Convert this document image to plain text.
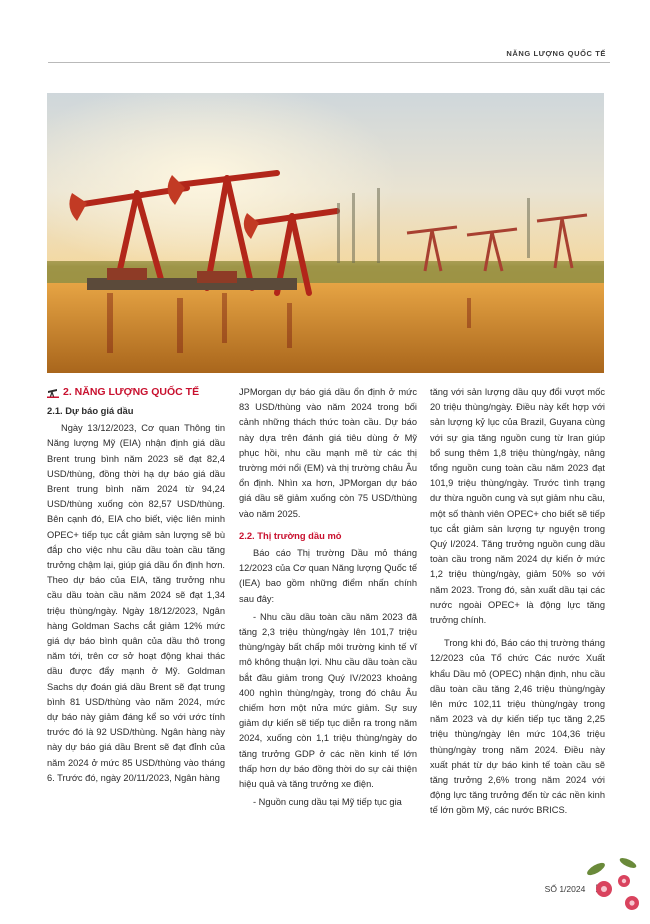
NĂNG LƯỢNG QUỐC TẾ
2. NĂNG LƯỢNG QUỐC TẾ
2.1. Dự báo giá dầu

Ngày 13/12/2023, Cơ quan Thông tin Năng lượng Mỹ (EIA) nhận định giá dầu Brent trung bình năm 2023 sẽ đạt 82,4 USD/thùng, đồng thời hạ dự báo giá dầu Brent trung bình năm 2024 từ 94,24 USD/thùng xuống còn 82,57 USD/thùng. Bên cạnh đó, EIA cho biết, việc liên minh OPEC+ tiếp tục cắt giảm sản lượng sẽ bù đắp cho việc nhu cầu dầu toàn cầu tăng trưởng chậm lại, giúp giá dầu ổn định hơn. Theo dự báo của EIA, tăng trưởng nhu cầu dầu toàn cầu năm 2024 sẽ đạt 1,34 triệu thùng/ngày. Ngày 18/12/2023, Ngân hàng Goldman Sachs cắt giảm 12% mức giá dự báo bình quân của dầu thô trong năm tới, trên cơ sở hoạt động khai thác dầu được đẩy mạnh ở Mỹ. Goldman Sachs dự đoán giá dầu Brent sẽ đạt trung bình 81 USD/thùng vào năm 2024, mức dự báo này giảm đáng kể so với ước tính trước đó là 92 USD/thùng. Ngân hàng này này dự báo giá dầu Brent sẽ đạt đỉnh của năm 2024 ở mức 85 USD/thùng vào tháng 6. Trước đó, ngày 20/11/2023, Ngân hàng

JPMorgan dự báo giá dầu ổn định ở mức 83 USD/thùng vào năm 2024 trong bối cảnh những thách thức toàn cầu. Dự báo này dựa trên đánh giá tiêu dùng ở Mỹ phục hồi, nhu cầu mạnh mẽ từ các thị trường mới nổi (EM) và thị trường châu Âu ổn định. Nhìn xa hơn, JPMorgan dự báo giá dầu sẽ giảm xuống còn 75 USD/thùng vào năm 2025.

2.2. Thị trường dầu mỏ

Báo cáo Thị trường Dầu mỏ tháng 12/2023 của Cơ quan Năng lượng Quốc tế (IEA) bao gồm những điểm nhấn chính sau đây:

- Nhu cầu dầu toàn cầu năm 2023 đã tăng 2,3 triệu thùng/ngày lên 101,7 triệu thùng/ngày bất chấp môi trường kinh tế vĩ mô không thuận lợi. Nhu cầu dầu toàn cầu bắt đầu giảm trong Quý IV/2023 khoảng 400 nghìn thùng/ngày, trong đó châu Âu chiếm hơn một nửa mức giảm. Sự suy giảm dự kiến sẽ tiếp tục diễn ra trong năm 2024, xuống còn 1,1 triệu thùng/ngày do tăng trưởng GDP ở các nền kinh tế lớn thấp hơn dự báo đồng thời do sự cải thiện hiệu quả và tăng trưởng xe điện.

- Nguồn cung dầu tại Mỹ tiếp tục gia

tăng với sản lượng dầu quy đổi vượt mốc 20 triệu thùng/ngày. Điều này kết hợp với sản lượng kỷ lục của Brazil, Guyana cùng với sự gia tăng nguồn cung từ Iran giúp bổ sung thêm 1,8 triệu thùng/ngày, nâng tổng nguồn cung toàn cầu năm 2023 đạt 101,9 triệu thùng/ngày. Trước tình trạng dư thừa nguồn cung và sụt giảm nhu cầu, một số thành viên OPEC+ cho biết sẽ tiếp tục cắt giảm sản lượng tự nguyện trong Quý I/2024. Tăng trưởng nguồn cung dầu toàn cầu trong năm 2024 dự kiến ở mức 1,2 triệu thùng/ngày, giảm 50% so với năm 2023. Trong đó, sản xuất dầu tại các nước ngoài OPEC+ là động lực tăng trưởng chính.

Trong khi đó, Báo cáo thị trường tháng 12/2023 của Tổ chức Các nước Xuất khẩu Dầu mỏ (OPEC) nhận định, nhu cầu dầu toàn cầu tăng 2,46 triệu thùng/ngày lên mức 102,11 triệu thùng/ngày trong năm 2023 và dự kiến tiếp tục tăng 2,25 triệu thùng/ngày lên mức 104,36 triệu thùng/ngày trong năm 2024. Điều này xuất phát từ dự báo kinh tế toàn cầu sẽ tăng trưởng 2,6% trong năm 2024 với động lực tăng trưởng đến từ các nền kinh tế lớn gồm Mỹ, các nước BRICS.

SỐ 1/2024
